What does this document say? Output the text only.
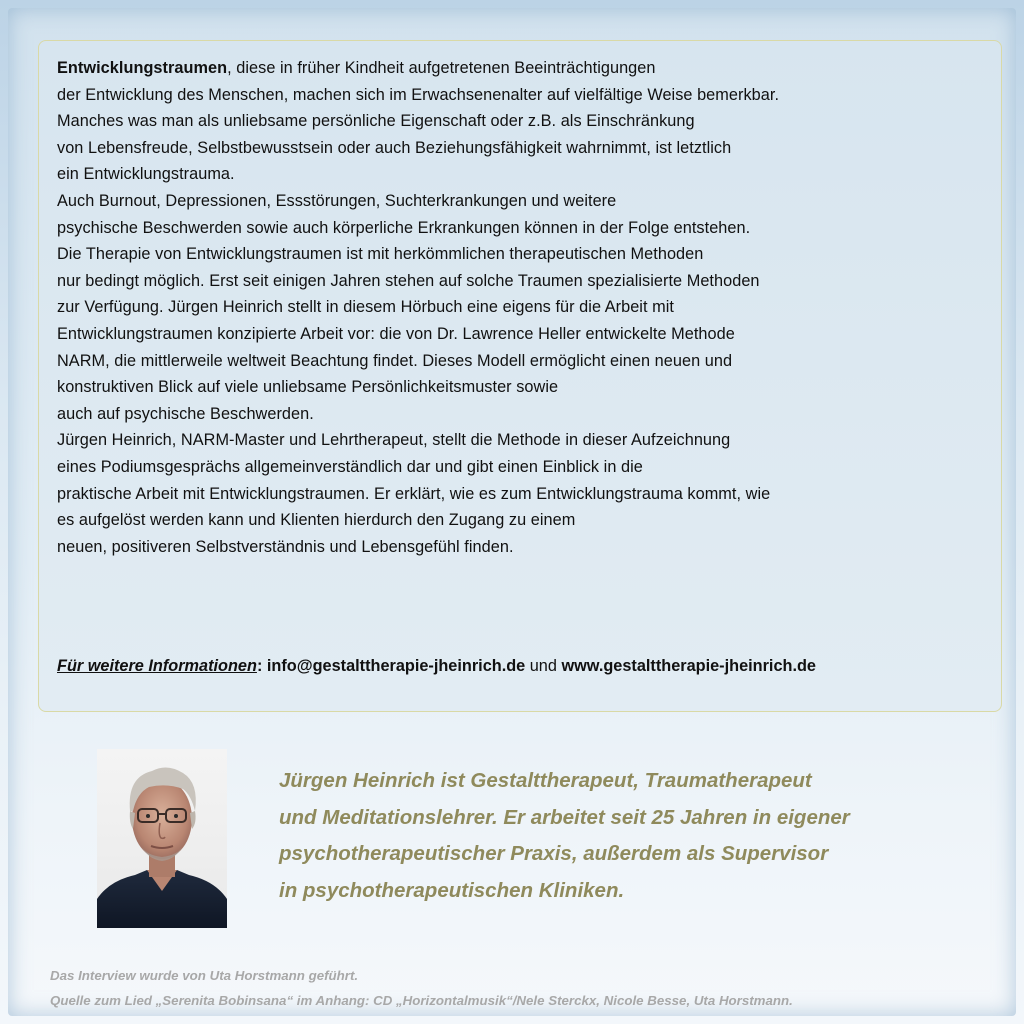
Entwicklungstraumen, diese in früher Kindheit aufgetretenen Beeinträchtigungen
der Entwicklung des Menschen, machen sich im Erwachsenenalter auf vielfältige Weise bemerkbar.
Manches was man als unliebsame persönliche Eigenschaft oder z.B. als Einschränkung
von Lebensfreude, Selbstbewusstsein oder auch Beziehungsfähigkeit wahrnimmt, ist letztlich
ein Entwicklungstrauma.
Auch Burnout, Depressionen, Essstörungen, Suchterkrankungen und weitere
psychische Beschwerden sowie auch körperliche Erkrankungen können in der Folge entstehen.
Die Therapie von Entwicklungstraumen ist mit herkömmlichen therapeutischen Methoden
nur bedingt möglich. Erst seit einigen Jahren stehen auf solche Traumen spezialisierte Methoden
zur Verfügung. Jürgen Heinrich stellt in diesem Hörbuch eine eigens für die Arbeit mit
Entwicklungstraumen konzipierte Arbeit vor: die von Dr. Lawrence Heller entwickelte Methode
NARM, die mittlerweile weltweit Beachtung findet. Dieses Modell ermöglicht einen neuen und
konstruktiven Blick auf viele unliebsame Persönlichkeitsmuster sowie
auch auf psychische Beschwerden.
Jürgen Heinrich, NARM-Master und Lehrtherapeut, stellt die Methode in dieser Aufzeichnung
eines Podiumsgesprächs allgemeinverständlich dar und gibt einen Einblick in die
praktische Arbeit mit Entwicklungstraumen. Er erklärt, wie es zum Entwicklungstrauma kommt, wie
es aufgelöst werden kann und Klienten hierdurch den Zugang zu einem
neuen, positiveren Selbstverständnis und Lebensgefühl finden.

Für weitere Informationen: info@gestalttherapie-jheinrich.de und www.gestalttherapie-jheinrich.de
Jürgen Heinrich ist Gestalttherapeut, Traumatherapeut
und Meditationslehrer. Er arbeitet seit 25 Jahren in eigener
psychotherapeutischer Praxis, außerdem als Supervisor
in psychotherapeutischen Kliniken.
Das Interview wurde von Uta Horstmann geführt.
Quelle zum Lied „Serenita Bobinsana“ im Anhang: CD „Horizontalmusik“/Nele Sterckx, Nicole Besse, Uta Horstmann.
